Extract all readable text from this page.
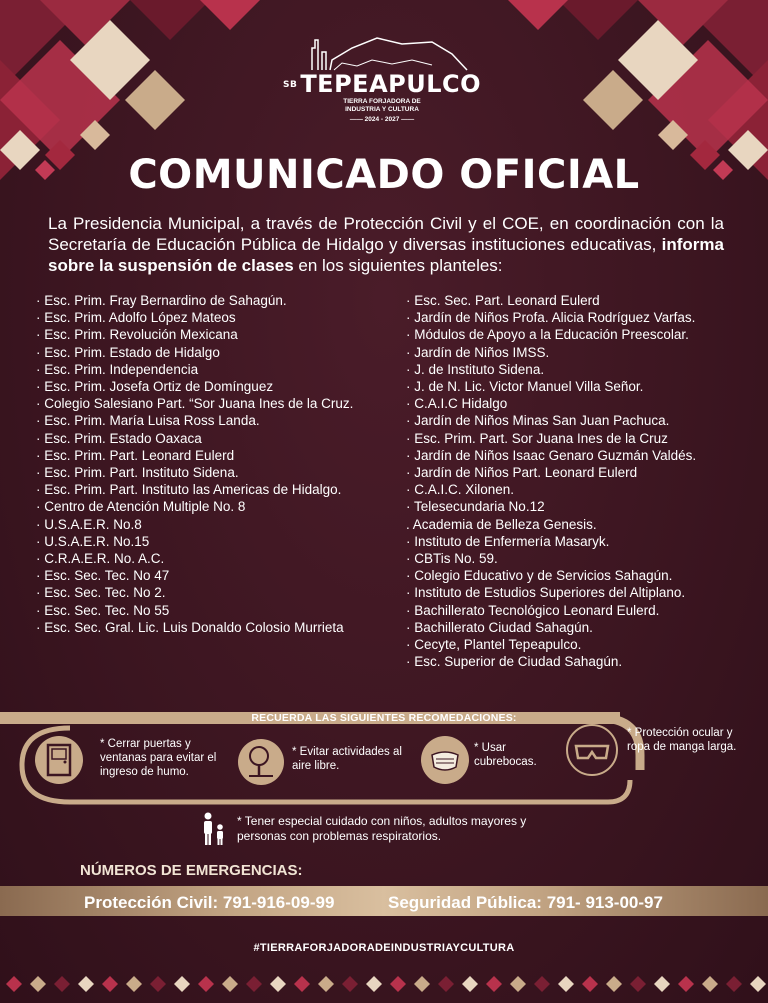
SB TEPEAPULCO
TIERRA FORJADORA DE
INDUSTRIA Y CULTURA
—— 2024 - 2027 ——
COMUNICADO OFICIAL

La Presidencia Municipal, a través de Protección Civil y el COE, en coordinación con la Secretaría de Educación Pública de Hidalgo y diversas instituciones educativas, informa sobre la suspensión de clases en los siguientes planteles:

· Esc. Prim. Fray Bernardino de Sahagún.
· Esc. Prim. Adolfo López Mateos
· Esc. Prim. Revolución Mexicana
· Esc. Prim. Estado de Hidalgo
· Esc. Prim. Independencia
· Esc. Prim. Josefa Ortiz de Domínguez
· Colegio Salesiano Part. “Sor Juana Ines de la Cruz.
· Esc. Prim. María Luisa Ross Landa.
· Esc. Prim. Estado Oaxaca
· Esc. Prim. Part. Leonard Eulerd
· Esc. Prim. Part. Instituto Sidena.
· Esc. Prim. Part. Instituto las Americas de Hidalgo.
· Centro de Atención Multiple No. 8
· U.S.A.E.R. No.8
· U.S.A.E.R. No.15
· C.R.A.E.R. No. A.C.
· Esc. Sec. Tec. No 47
· Esc. Sec. Tec. No 2.
· Esc. Sec. Tec. No 55
· Esc. Sec. Gral. Lic. Luis Donaldo Colosio Murrieta
· Esc. Sec. Part. Leonard Eulerd
· Jardín de Niños Profa. Alicia Rodríguez Varfas.
· Módulos de Apoyo a la Educación Preescolar.
· Jardín de Niños IMSS.
· J. de Instituto Sidena.
· J. de N. Lic. Victor Manuel Villa Señor.
· C.A.I.C Hidalgo
· Jardín de Niños Minas San Juan Pachuca.
· Esc. Prim. Part. Sor Juana Ines de la Cruz
· Jardín de Niños Isaac Genaro Guzmán Valdés.
· Jardín de Niños Part. Leonard Eulerd
· C.A.I.C. Xilonen.
· Telesecundaria No.12
. Academia de Belleza Genesis.
· Instituto de Enfermería Masaryk.
· CBTis No. 59.
· Colegio Educativo y de Servicios Sahagún.
· Instituto de Estudios Superiores del Altiplano.
· Bachillerato Tecnológico Leonard Eulerd.
· Bachillerato Ciudad Sahagún.
· Cecyte, Plantel Tepeapulco.
· Esc. Superior de Ciudad Sahagún.
RECUERDA LAS SIGUIENTES RECOMEDACIONES:
* Cerrar puertas y ventanas para evitar el ingreso de humo.
* Evitar actividades al aire libre.
* Usar cubrebocas.
* Protección ocular y ropa de manga larga.
* Tener especial cuidado con niños, adultos mayores y personas con problemas respiratorios.
NÚMEROS DE EMERGENCIAS:
Protección Civil: 791-916-09-99	Seguridad Pública: 791- 913-00-97
#TIERRAFORJADORADEINDUSTRIAYCULTURA
